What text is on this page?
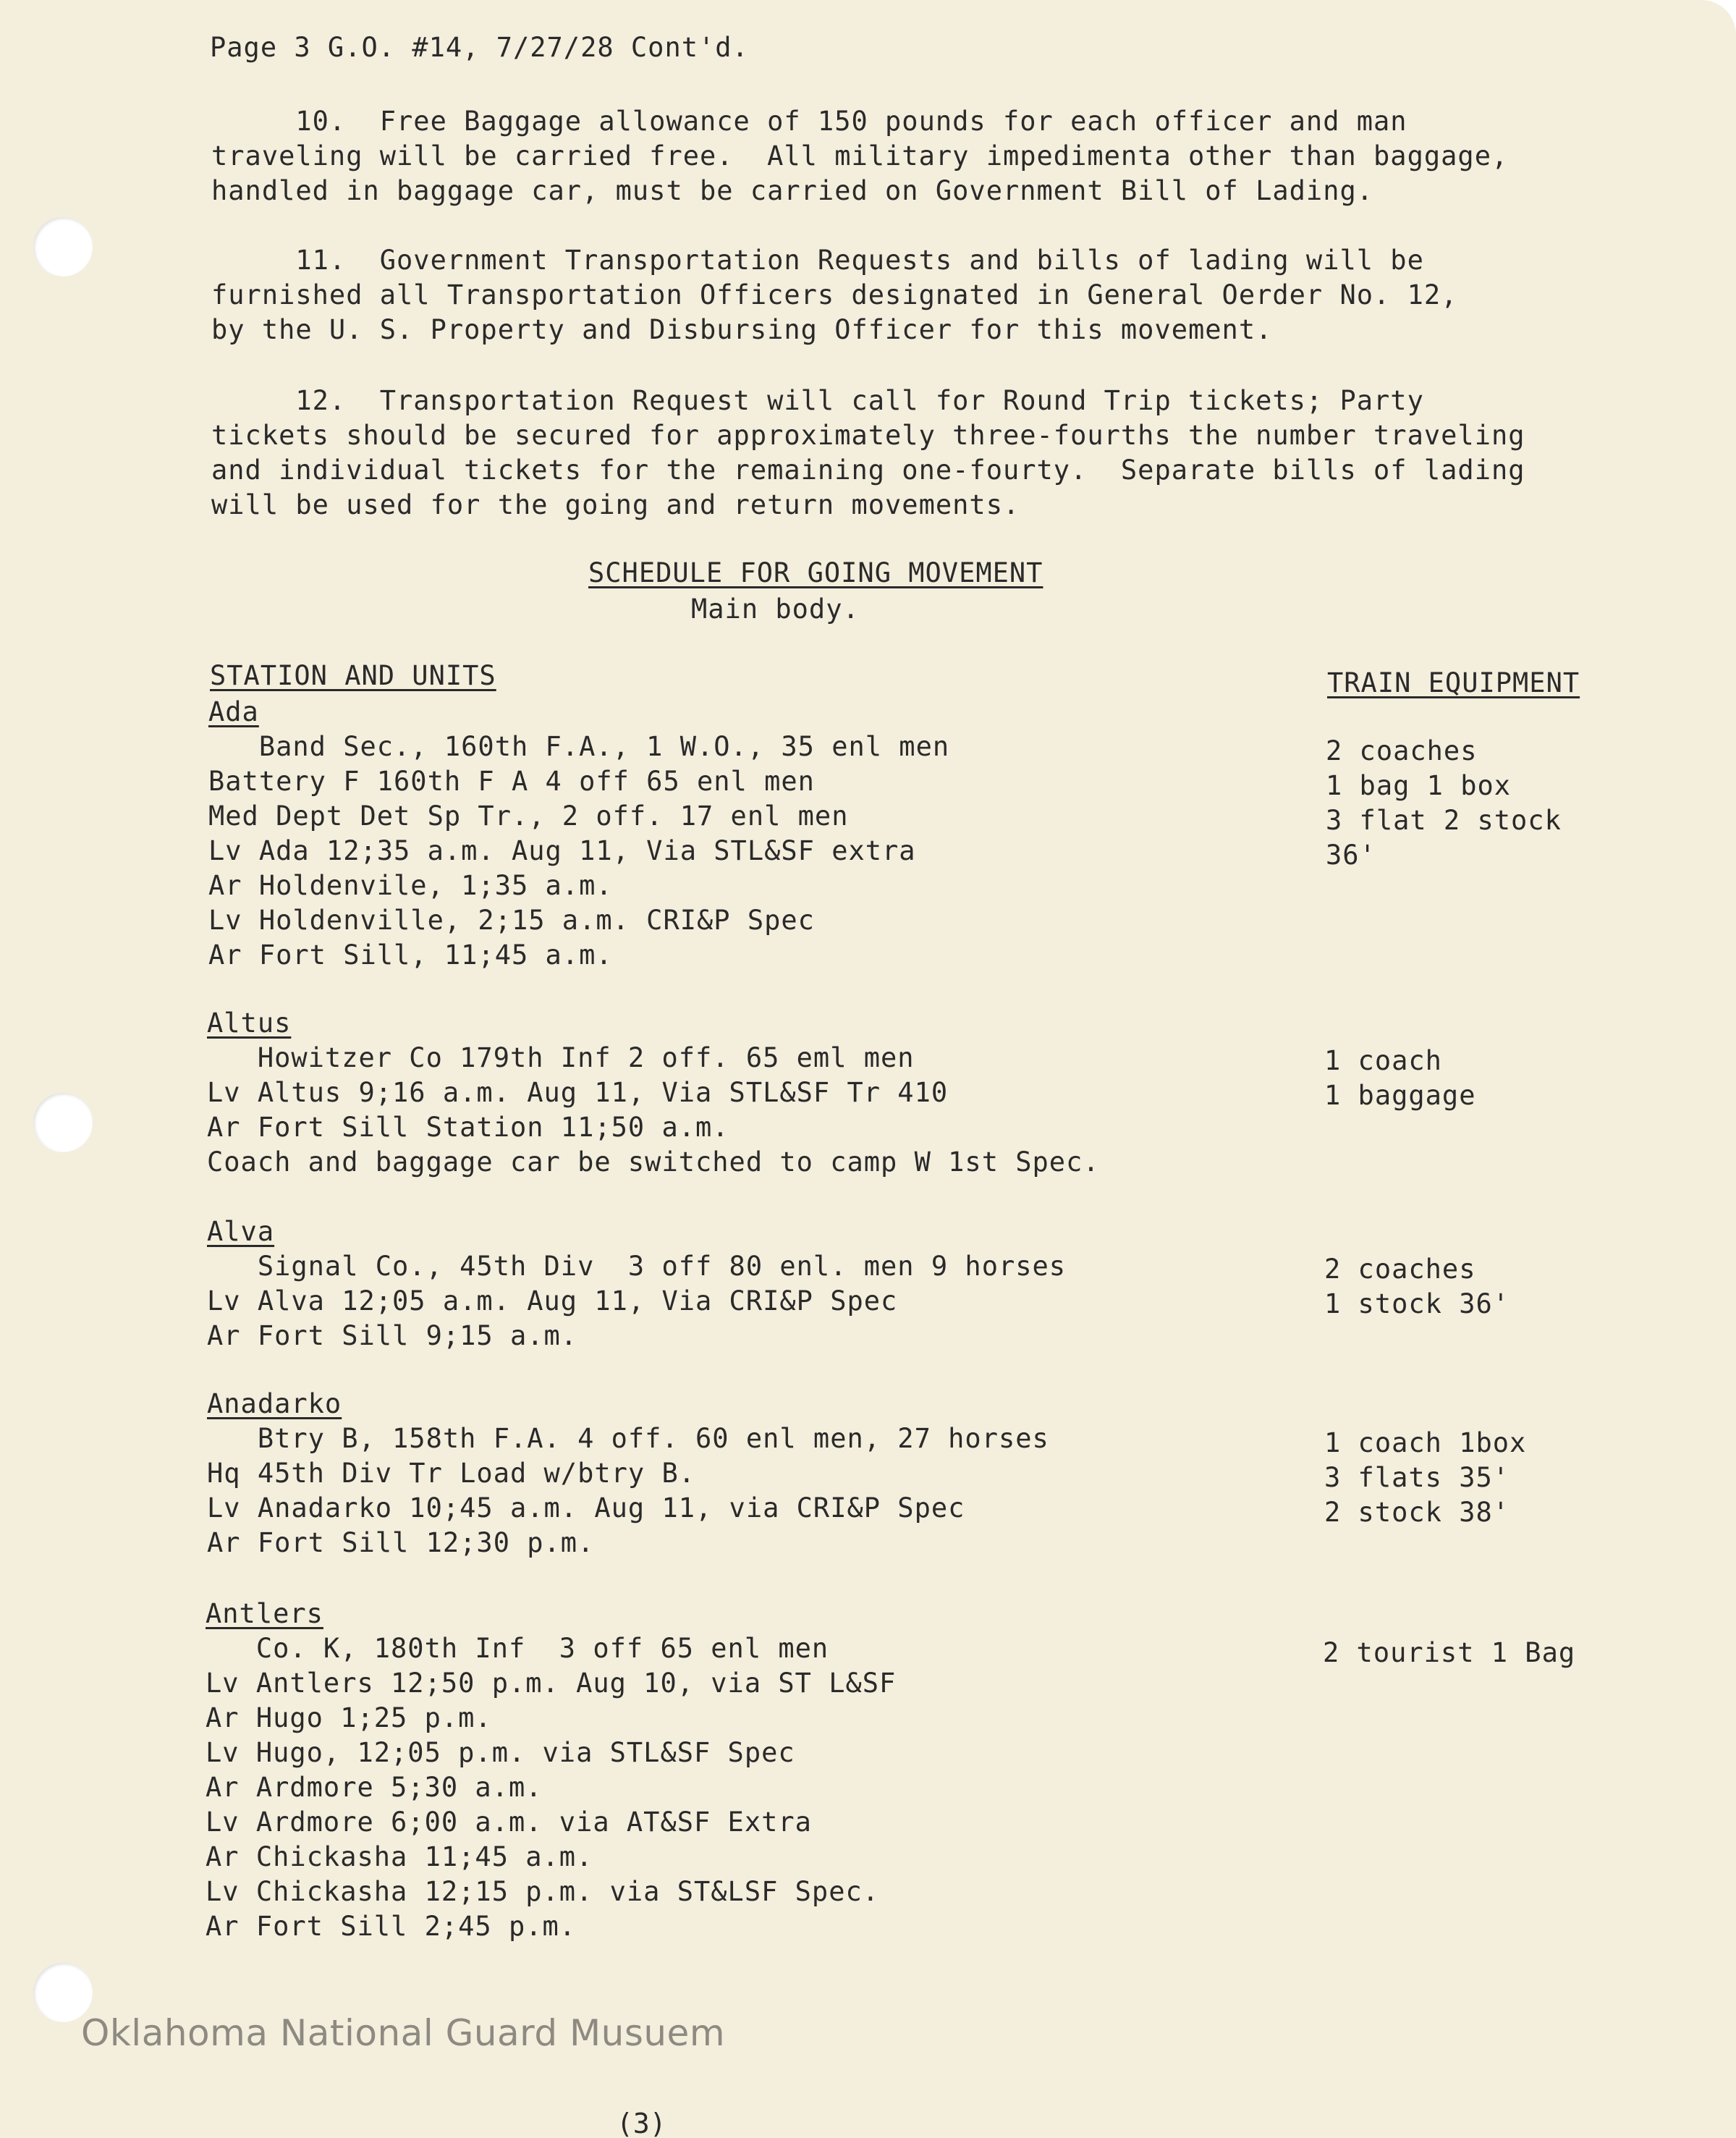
Page 3 G.O. #14, 7/27/28 Cont'd.
10.  Free Baggage allowance of 150 pounds for each officer and man
traveling will be carried free.  All military impedimenta other than baggage,
handled in baggage car, must be carried on Government Bill of Lading.
11.  Government Transportation Requests and bills of lading will be
furnished all Transportation Officers designated in General Oerder No. 12,
by the U. S. Property and Disbursing Officer for this movement.
12.  Transportation Request will call for Round Trip tickets; Party
tickets should be secured for approximately three-fourths the number traveling
and individual tickets for the remaining one-fourty.  Separate bills of lading
will be used for the going and return movements.
SCHEDULE FOR GOING MOVEMENT
Main body.
STATION AND UNITS	TRAIN EQUIPMENT
Ada
Band Sec., 160th F.A., 1 W.O., 35 enl men
Battery F 160th F A 4 off 65 enl men
Med Dept Det Sp Tr., 2 off. 17 enl men
Lv Ada 12;35 a.m. Aug 11, Via STL&SF extra
Ar Holdenvile, 1;35 a.m.
Lv Holdenville, 2;15 a.m. CRI&P Spec
Ar Fort Sill, 11;45 a.m.
2 coaches
1 bag 1 box
3 flat 2 stock
36'
Altus
Howitzer Co 179th Inf 2 off. 65 eml men
Lv Altus 9;16 a.m. Aug 11, Via STL&SF Tr 410
Ar Fort Sill Station 11;50 a.m.
Coach and baggage car be switched to camp W 1st Spec.
1 coach
1 baggage
Alva
Signal Co., 45th Div  3 off 80 enl. men 9 horses
Lv Alva 12;05 a.m. Aug 11, Via CRI&P Spec
Ar Fort Sill 9;15 a.m.
2 coaches
1 stock 36'
Anadarko
Btry B, 158th F.A. 4 off. 60 enl men, 27 horses
Hq 45th Div Tr Load w/btry B.
Lv Anadarko 10;45 a.m. Aug 11, via CRI&P Spec
Ar Fort Sill 12;30 p.m.
1 coach 1box
3 flats 35'
2 stock 38'
Antlers
Co. K, 180th Inf  3 off 65 enl men
Lv Antlers 12;50 p.m. Aug 10, via ST L&SF
Ar Hugo 1;25 p.m.
Lv Hugo, 12;05 p.m. via STL&SF Spec
Ar Ardmore 5;30 a.m.
Lv Ardmore 6;00 a.m. via AT&SF Extra
Ar Chickasha 11;45 a.m.
Lv Chickasha 12;15 p.m. via ST&LSF Spec.
Ar Fort Sill 2;45 p.m.
2 tourist 1 Bag
Oklahoma National Guard Musuem
(3)
